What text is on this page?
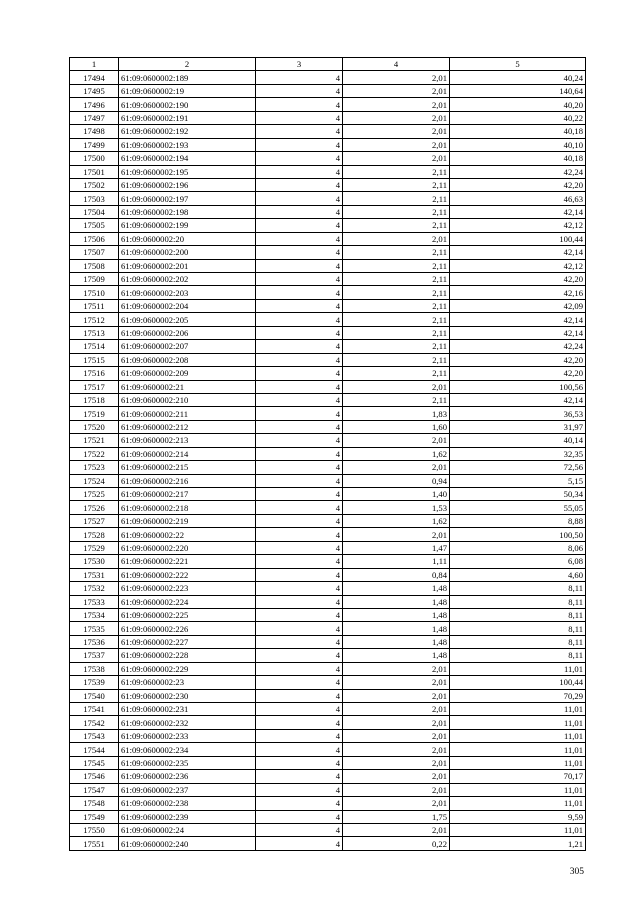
1	2	3	4	5
17494	61:09:0600002:189	4	2,01	40,24
17495	61:09:0600002:19	4	2,01	140,64
17496	61:09:0600002:190	4	2,01	40,20
17497	61:09:0600002:191	4	2,01	40,22
17498	61:09:0600002:192	4	2,01	40,18
17499	61:09:0600002:193	4	2,01	40,10
17500	61:09:0600002:194	4	2,01	40,18
17501	61:09:0600002:195	4	2,11	42,24
17502	61:09:0600002:196	4	2,11	42,20
17503	61:09:0600002:197	4	2,11	46,63
17504	61:09:0600002:198	4	2,11	42,14
17505	61:09:0600002:199	4	2,11	42,12
17506	61:09:0600002:20	4	2,01	100,44
17507	61:09:0600002:200	4	2,11	42,14
17508	61:09:0600002:201	4	2,11	42,12
17509	61:09:0600002:202	4	2,11	42,20
17510	61:09:0600002:203	4	2,11	42,16
17511	61:09:0600002:204	4	2,11	42,09
17512	61:09:0600002:205	4	2,11	42,14
17513	61:09:0600002:206	4	2,11	42,14
17514	61:09:0600002:207	4	2,11	42,24
17515	61:09:0600002:208	4	2,11	42,20
17516	61:09:0600002:209	4	2,11	42,20
17517	61:09:0600002:21	4	2,01	100,56
17518	61:09:0600002:210	4	2,11	42,14
17519	61:09:0600002:211	4	1,83	36,53
17520	61:09:0600002:212	4	1,60	31,97
17521	61:09:0600002:213	4	2,01	40,14
17522	61:09:0600002:214	4	1,62	32,35
17523	61:09:0600002:215	4	2,01	72,56
17524	61:09:0600002:216	4	0,94	5,15
17525	61:09:0600002:217	4	1,40	50,34
17526	61:09:0600002:218	4	1,53	55,05
17527	61:09:0600002:219	4	1,62	8,88
17528	61:09:0600002:22	4	2,01	100,50
17529	61:09:0600002:220	4	1,47	8,06
17530	61:09:0600002:221	4	1,11	6,08
17531	61:09:0600002:222	4	0,84	4,60
17532	61:09:0600002:223	4	1,48	8,11
17533	61:09:0600002:224	4	1,48	8,11
17534	61:09:0600002:225	4	1,48	8,11
17535	61:09:0600002:226	4	1,48	8,11
17536	61:09:0600002:227	4	1,48	8,11
17537	61:09:0600002:228	4	1,48	8,11
17538	61:09:0600002:229	4	2,01	11,01
17539	61:09:0600002:23	4	2,01	100,44
17540	61:09:0600002:230	4	2,01	70,29
17541	61:09:0600002:231	4	2,01	11,01
17542	61:09:0600002:232	4	2,01	11,01
17543	61:09:0600002:233	4	2,01	11,01
17544	61:09:0600002:234	4	2,01	11,01
17545	61:09:0600002:235	4	2,01	11,01
17546	61:09:0600002:236	4	2,01	70,17
17547	61:09:0600002:237	4	2,01	11,01
17548	61:09:0600002:238	4	2,01	11,01
17549	61:09:0600002:239	4	1,75	9,59
17550	61:09:0600002:24	4	2,01	11,01
17551	61:09:0600002:240	4	0,22	1,21
305
